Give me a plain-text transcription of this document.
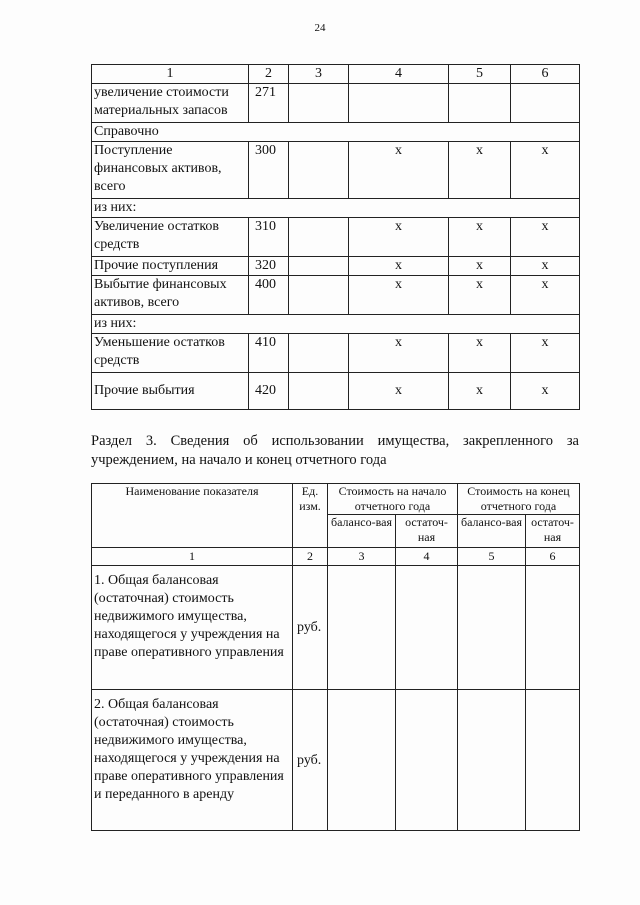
24
1	2	3	4	5	6
увеличение стоимости материальных запасов	271				
Справочно					
Поступление финансовых активов, всего	300		x	x	x
из них:					
Увеличение остатков средств	310		x	x	x
Прочие поступления	320		x	x	x
Выбытие финансовых активов, всего	400		x	x	x
из них:					
Уменьшение остатков средств	410		x	x	x
Прочие выбытия	420		x	x	x
Раздел 3. Сведения об использовании имущества, закрепленного за учреждением, на начало и конец отчетного года
Наименование показателя	Ед. изм.	Стоимость на начало отчетного года		Стоимость на конец отчетного года	
		балансо-вая	остаточ-ная	балансо-вая	остаточ-ная
1	2	3	4	5	6
1. Общая балансовая (остаточная) стоимость недвижимого имущества, находящегося у учреждения на праве оперативного управления	руб.				
2. Общая балансовая (остаточная) стоимость недвижимого имущества, находящегося у учреждения на праве оперативного управления и переданного в аренду	руб.				
